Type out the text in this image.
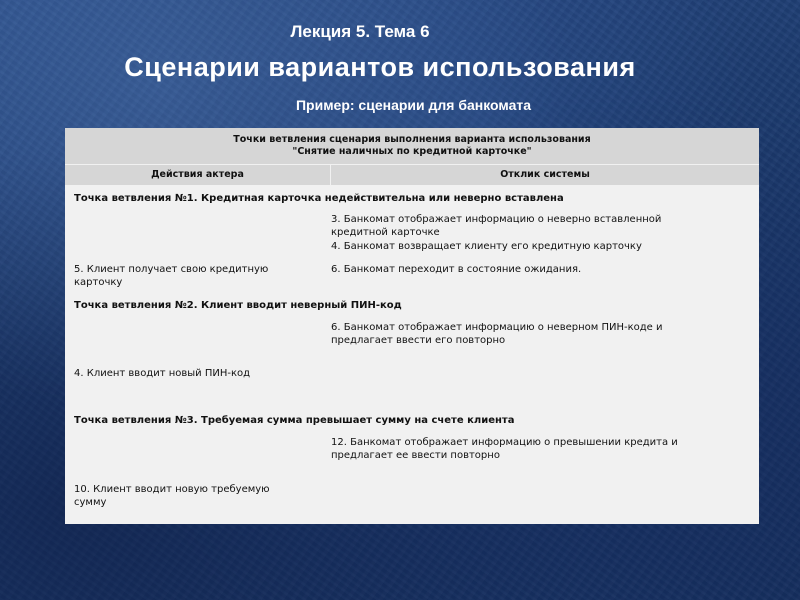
Лекция 5. Тема 6
Сценарии вариантов использования
Пример: сценарии для банкомата
Точки ветвления сценария выполнения варианта использования
"Снятие наличных по кредитной карточке"
Действия актера	Отклик системы
Точка ветвления №1. Кредитная карточка недействительна или неверно вставлена
3. Банкомат отображает информацию о неверно вставленной
кредитной карточке
4. Банкомат возвращает клиенту его кредитную карточку
5. Клиент получает свою кредитную
карточку
6. Банкомат переходит в состояние ожидания.
Точка ветвления №2. Клиент вводит неверный ПИН-код
6. Банкомат отображает информацию о неверном ПИН-коде и
предлагает ввести его повторно
4. Клиент вводит новый ПИН-код
Точка ветвления №3. Требуемая сумма превышает сумму на счете клиента
12. Банкомат отображает информацию о превышении кредита и
предлагает ее ввести повторно
10. Клиент вводит новую требуемую
сумму
